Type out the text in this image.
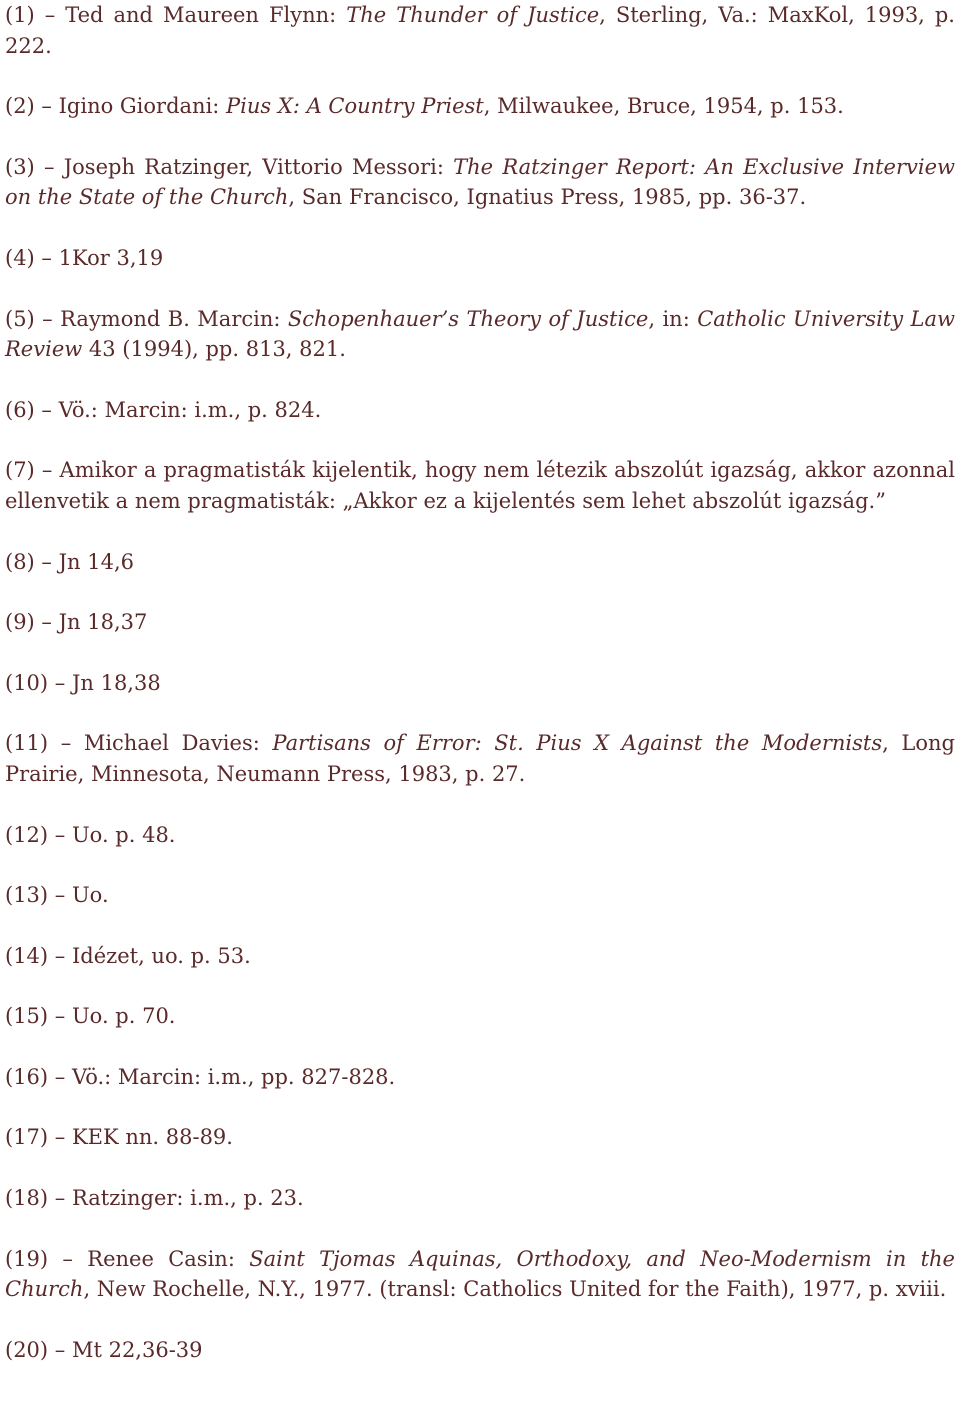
(1) – Ted and Maureen Flynn: The Thunder of Justice, Sterling, Va.: MaxKol, 1993, p. 222.

(2) – Igino Giordani: Pius X: A Country Priest, Milwaukee, Bruce, 1954, p. 153.

(3) – Joseph Ratzinger, Vittorio Messori: The Ratzinger Report: An Exclusive Interview on the State of the Church, San Francisco, Ignatius Press, 1985, pp. 36-37.

(4) – 1Kor 3,19

(5) – Raymond B. Marcin: Schopenhauer’s Theory of Justice, in: Catholic University Law Review 43 (1994), pp. 813, 821.

(6) – Vö.: Marcin: i.m., p. 824.

(7) – Amikor a pragmatisták kijelentik, hogy nem létezik abszolút igazság, akkor azonnal ellenvetik a nem pragmatisták: „Akkor ez a kijelentés sem lehet abszolút igazság.”

(8) – Jn 14,6

(9) – Jn 18,37

(10) – Jn 18,38

(11) – Michael Davies: Partisans of Error: St. Pius X Against the Modernists, Long Prairie, Minnesota, Neumann Press, 1983, p. 27.

(12) – Uo. p. 48.

(13) – Uo.

(14) – Idézet, uo. p. 53.

(15) – Uo. p. 70.

(16) – Vö.: Marcin: i.m., pp. 827-828.

(17) – KEK nn. 88-89.

(18) – Ratzinger: i.m., p. 23.

(19) – Renee Casin: Saint Tjomas Aquinas, Orthodoxy, and Neo-Modernism in the Church, New Rochelle, N.Y., 1977. (transl: Catholics United for the Faith), 1977, p. xviii.

(20) – Mt 22,36-39
